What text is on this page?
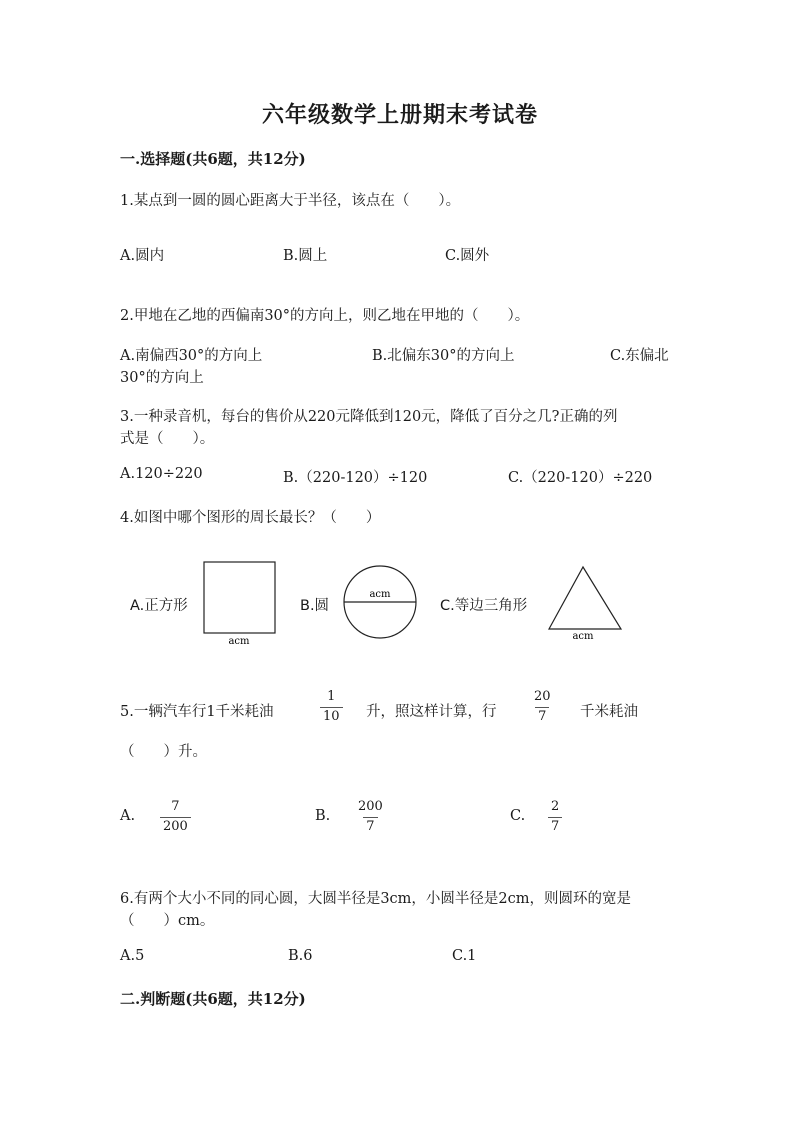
六年级数学上册期末考试卷
一.选择题(共6题，共12分)
1.某点到一圆的圆心距离大于半径，该点在（　　）。
A.圆内	B.圆上	C.圆外
2.甲地在乙地的西偏南30°的方向上，则乙地在甲地的（　　）。
A.南偏西30°的方向上	B.北偏东30°的方向上	C.东偏北
30°的方向上
3.一种录音机，每台的售价从220元降低到120元，降低了百分之几?正确的列
式是（　　）。
A.120÷220	B.（220-120）÷120	C.（220-120）÷220
4.如图中哪个图形的周长最长？（　　）
A.正方形	B.圆	C.等边三角形
acm
acm
acm
5.一辆汽车行1千米耗油	$\frac{1}{10}$ 升，照这样计算，行	$\frac{20}{7}$ 千米耗油
（　　）升。
A. $\frac{7}{200}$	B. $\frac{200}{7}$	C. $\frac{2}{7}$
6.有两个大小不同的同心圆，大圆半径是3cm，小圆半径是2cm，则圆环的宽是
（　　）cm。
A.5	B.6	C.1
二.判断题(共6题，共12分)
